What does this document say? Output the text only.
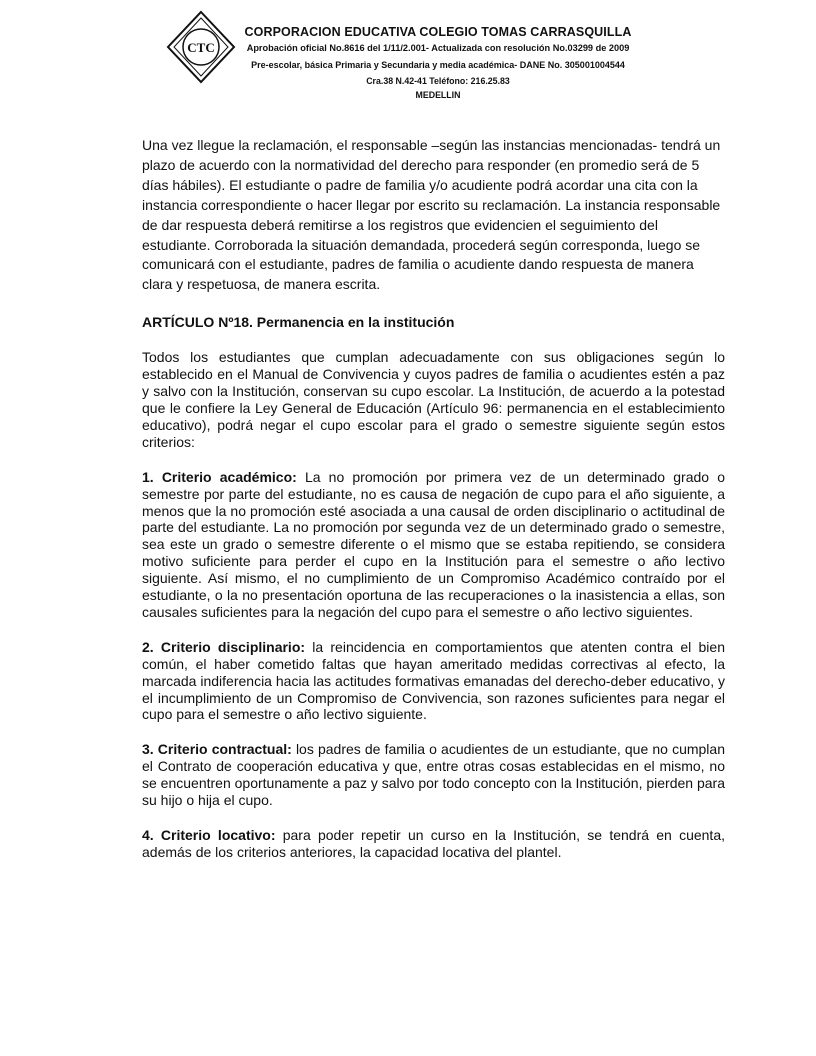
CTC
CORPORACION EDUCATIVA COLEGIO TOMAS CARRASQUILLA
Aprobación oficial No.8616 del 1/11/2.001- Actualizada con resolución No.03299 de 2009
Pre-escolar, básica Primaria y Secundaria y media académica- DANE No. 305001004544
Cra.38 N.42-41 Teléfono: 216.25.83
MEDELLIN

Una vez llegue la reclamación, el responsable –según las instancias mencionadas- tendrá un plazo de acuerdo con la normatividad del derecho para responder (en promedio será de 5 días hábiles). El estudiante o padre de familia y/o acudiente podrá acordar una cita con la instancia correspondiente o hacer llegar por escrito su reclamación. La instancia responsable de dar respuesta deberá remitirse a los registros que evidencien el seguimiento del estudiante. Corroborada la situación demandada, procederá según corresponda, luego se comunicará con el estudiante, padres de familia o acudiente dando respuesta de manera clara y respetuosa, de manera escrita.

ARTÍCULO Nº18. Permanencia en la institución

Todos los estudiantes que cumplan adecuadamente con sus obligaciones según lo establecido en el Manual de Convivencia y cuyos padres de familia o acudientes estén a paz y salvo con la Institución, conservan su cupo escolar. La Institución, de acuerdo a la potestad que le confiere la Ley General de Educación (Artículo 96: permanencia en el establecimiento educativo), podrá negar el cupo escolar para el grado o semestre siguiente según estos criterios:

1. Criterio académico: La no promoción por primera vez de un determinado grado o semestre por parte del estudiante, no es causa de negación de cupo para el año siguiente, a menos que la no promoción esté asociada a una causal de orden disciplinario o actitudinal de parte del estudiante. La no promoción por segunda vez de un determinado grado o semestre, sea este un grado o semestre diferente o el mismo que se estaba repitiendo, se considera motivo suficiente para perder el cupo en la Institución para el semestre o año lectivo siguiente. Así mismo, el no cumplimiento de un Compromiso Académico contraído por el estudiante, o la no presentación oportuna de las recuperaciones o la inasistencia a ellas, son causales suficientes para la negación del cupo para el semestre o año lectivo siguientes.

2. Criterio disciplinario: la reincidencia en comportamientos que atenten contra el bien común, el haber cometido faltas que hayan ameritado medidas correctivas al efecto, la marcada indiferencia hacia las actitudes formativas emanadas del derecho-deber educativo, y el incumplimiento de un Compromiso de Convivencia, son razones suficientes para negar el cupo para el semestre o año lectivo siguiente.

3. Criterio contractual: los padres de familia o acudientes de un estudiante, que no cumplan el Contrato de cooperación educativa y que, entre otras cosas establecidas en el mismo, no se encuentren oportunamente a paz y salvo por todo concepto con la Institución, pierden para su hijo o hija el cupo.

4. Criterio locativo: para poder repetir un curso en la Institución, se tendrá en cuenta, además de los criterios anteriores, la capacidad locativa del plantel.
